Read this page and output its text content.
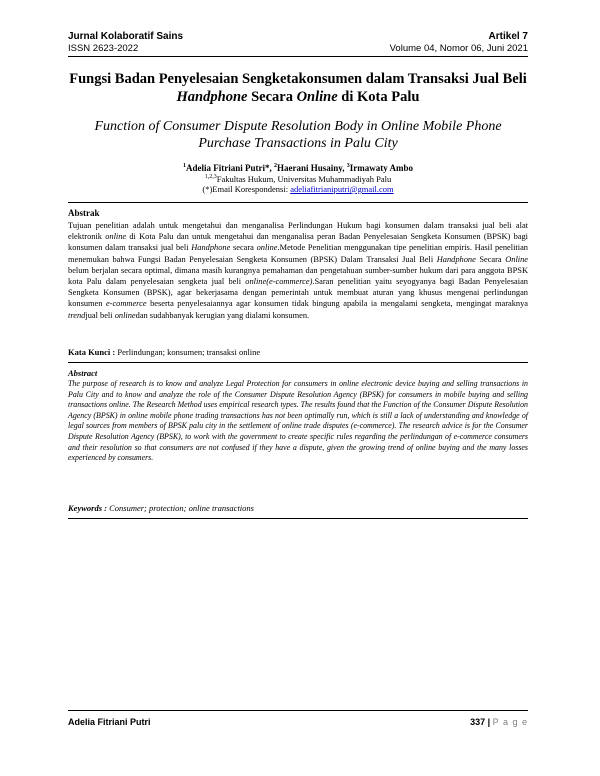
Jurnal Kolaboratif Sains	Artikel 7
ISSN 2623-2022	Volume 04, Nomor 06, Juni 2021
Fungsi Badan Penyelesaian Sengketakonsumen dalam Transaksi Jual Beli
Handphone Secara Online di Kota Palu
Function of Consumer Dispute Resolution Body in Online Mobile Phone
Purchase Transactions in Palu City
$^1$Adelia Fitriani Putri*, $^2$Haerani Husainy, $^3$Irmawaty Ambo
$^{1,2,3}$Fakultas Hukum, Universitas Muhammadiyah Palu
(*)Email Korespondensi: adeliafitrianiputri@gmail.com
Abstrak
Tujuan penelitian adalah untuk mengetahui dan menganalisa Perlindungan Hukum bagi konsumen dalam transaksi jual beli alat elektronik online di Kota Palu dan untuk mengetahui dan menganalisa peran Badan Penyelesaian Sengketa Konsumen (BPSK) bagi konsumen dalam transaksi jual beli Handphone secara online.Metode Penelitian menggunakan tipe penelitian empiris. Hasil penelitian menemukan bahwa Fungsi Badan Penyelesaian Sengketa Konsumen (BPSK) Dalam Transaksi Jual Beli Handphone Secara Online belum berjalan secara optimal, dimana masih kurangnya pemahaman dan pengetahuan sumber-sumber hukum dari para anggota BPSK kota Palu dalam penyelesaian sengketa jual beli online(e-commerce).Saran penelitian yaitu seyogyanya bagi Badan Penyelesaian Sengketa Konsumen (BPSK), agar bekerjasama dengan pemerintah untuk membuat aturan yang khusus mengenai perlindungan konsumen e-commerce beserta penyelesaiannya agar konsumen tidak bingung apabila ia mengalami sengketa, mengingat maraknya trendjual beli onlinedan sudahbanyak kerugian yang dialami konsumen.
Kata Kunci : Perlindungan; konsumen; transaksi online
Abstract
The purpose of research is to know and analyze Legal Protection for consumers in online electronic device buying and selling transactions in Palu City and to know and analyze the role of the Consumer Dispute Resolution Agency (BPSK) for consumers in mobile buying and selling transactions online. The Research Method uses empirical research types. The results found that the Function of the Consumer Dispute Resolution Agency (BPSK) in online mobile phone trading transactions has not been optimally run, which is still a lack of understanding and knowledge of legal sources from members of BPSK palu city in the settlement of online trade disputes (e-commerce). The research advice is for the Consumer Dispute Resolution Agency (BPSK), to work with the government to create specific rules regarding the perlindungan of e-commerce consumers and their resolution so that consumers are not confused if they have a dispute, given the growing trend of online buying and the many losses experienced by consumers.
Keywords : Consumer; protection; online transactions
Adelia Fitriani Putri	337 | P a g e
